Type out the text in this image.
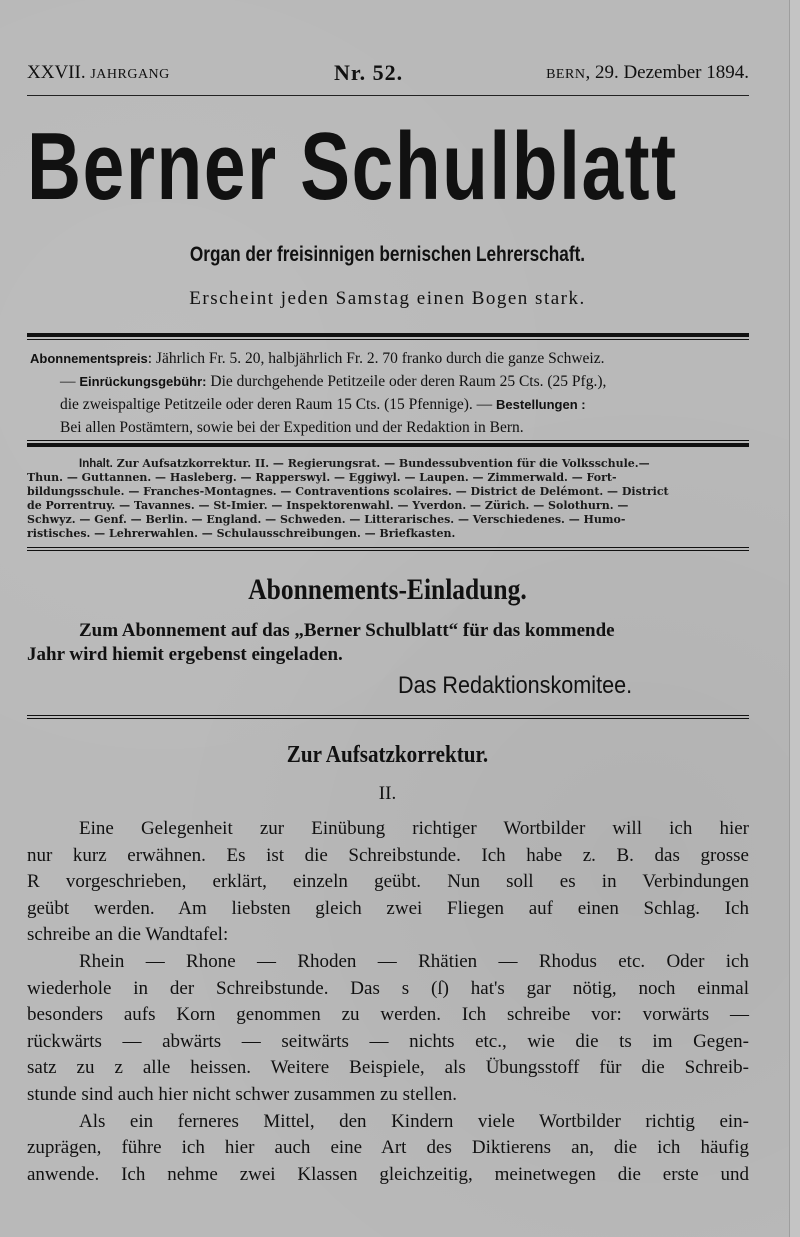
XXVII. JAHRGANG	Nr. 52.	BERN, 29. Dezember 1894.
Berner Schulblatt
Organ der freisinnigen bernischen Lehrerschaft.
Erscheint jeden Samstag einen Bogen stark.

Abonnementspreis: Jährlich Fr. 5. 20, halbjährlich Fr. 2. 70 franko durch die ganze Schweiz.

— Einrückungsgebühr: Die durchgehende Petitzeile oder deren Raum 25 Cts. (25 Pfg.),

die zweispaltige Petitzeile oder deren Raum 15 Cts. (15 Pfennige). — Bestellungen :

Bei allen Postämtern, sowie bei der Expedition und der Redaktion in Bern.

Inhalt. Zur Aufsatzkorrektur. II. — Regierungsrat. — Bundessubvention für die Volksschule.—
Thun. — Guttannen. — Hasleberg. — Rapperswyl. — Eggiwyl. — Laupen. — Zimmerwald. — Fort-
bildungsschule. — Franches-Montagnes. — Contraventions scolaires. — District de Delémont. — District
de Porrentruy. — Tavannes. — St-Imier. — Inspektorenwahl. — Yverdon. — Zürich. — Solothurn. —
Schwyz. — Genf. — Berlin. — England. — Schweden. — Litterarisches. — Verschiedenes. — Humo-
ristisches. — Lehrerwahlen. — Schulausschreibungen. — Briefkasten.
Abonnements-Einladung.
Zum Abonnement auf das „Berner Schulblatt“ für das kommende
Jahr wird hiemit ergebenst eingeladen.
Das Redaktionskomitee.
Zur Aufsatzkorrektur.
II.
Eine Gelegenheit zur Einübung richtiger Wortbilder will ich hier
nur kurz erwähnen. Es ist die Schreibstunde. Ich habe z. B. das grosse
R vorgeschrieben, erklärt, einzeln geübt. Nun soll es in Verbindungen
geübt werden. Am liebsten gleich zwei Fliegen auf einen Schlag. Ich
schreibe an die Wandtafel:
Rhein — Rhone — Rhoden — Rhätien — Rhodus etc. Oder ich
wiederhole in der Schreibstunde. Das s (ſ) hat's gar nötig, noch einmal
besonders aufs Korn genommen zu werden. Ich schreibe vor: vorwärts —
rückwärts — abwärts — seitwärts — nichts etc., wie die ts im Gegen-
satz zu z alle heissen. Weitere Beispiele, als Übungsstoff für die Schreib-
stunde sind auch hier nicht schwer zusammen zu stellen.
Als ein ferneres Mittel, den Kindern viele Wortbilder richtig ein-
zuprägen, führe ich hier auch eine Art des Diktierens an, die ich häufig
anwende. Ich nehme zwei Klassen gleichzeitig, meinetwegen die erste und
